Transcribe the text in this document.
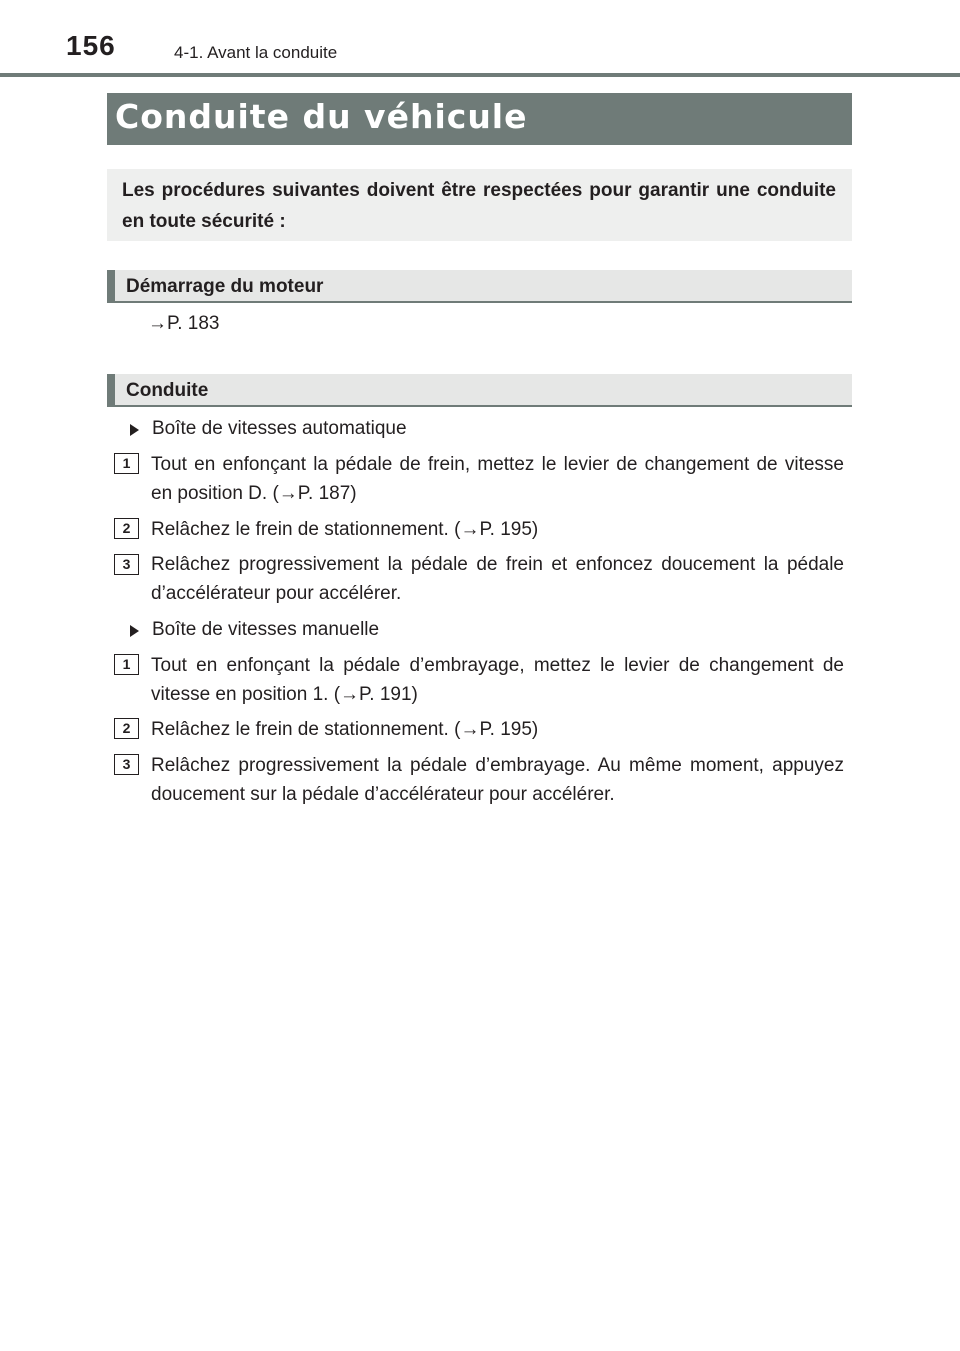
156	4-1. Avant la conduite
Conduite du véhicule
Les procédures suivantes doivent être respectées pour garantir une conduite en toute sécurité :
Démarrage du moteur
→P. 183
Conduite
Boîte de vitesses automatique
1	Tout en enfonçant la pédale de frein, mettez le levier de changement de vitesse en position D. (→P. 187)
2	Relâchez le frein de stationnement. (→P. 195)
3	Relâchez progressivement la pédale de frein et enfoncez doucement la pédale d’accélérateur pour accélérer.
Boîte de vitesses manuelle
1	Tout en enfonçant la pédale d’embrayage, mettez le levier de changement de vitesse en position 1. (→P. 191)
2	Relâchez le frein de stationnement. (→P. 195)
3	Relâchez progressivement la pédale d’embrayage. Au même moment, appuyez doucement sur la pédale d’accélérateur pour accélérer.
